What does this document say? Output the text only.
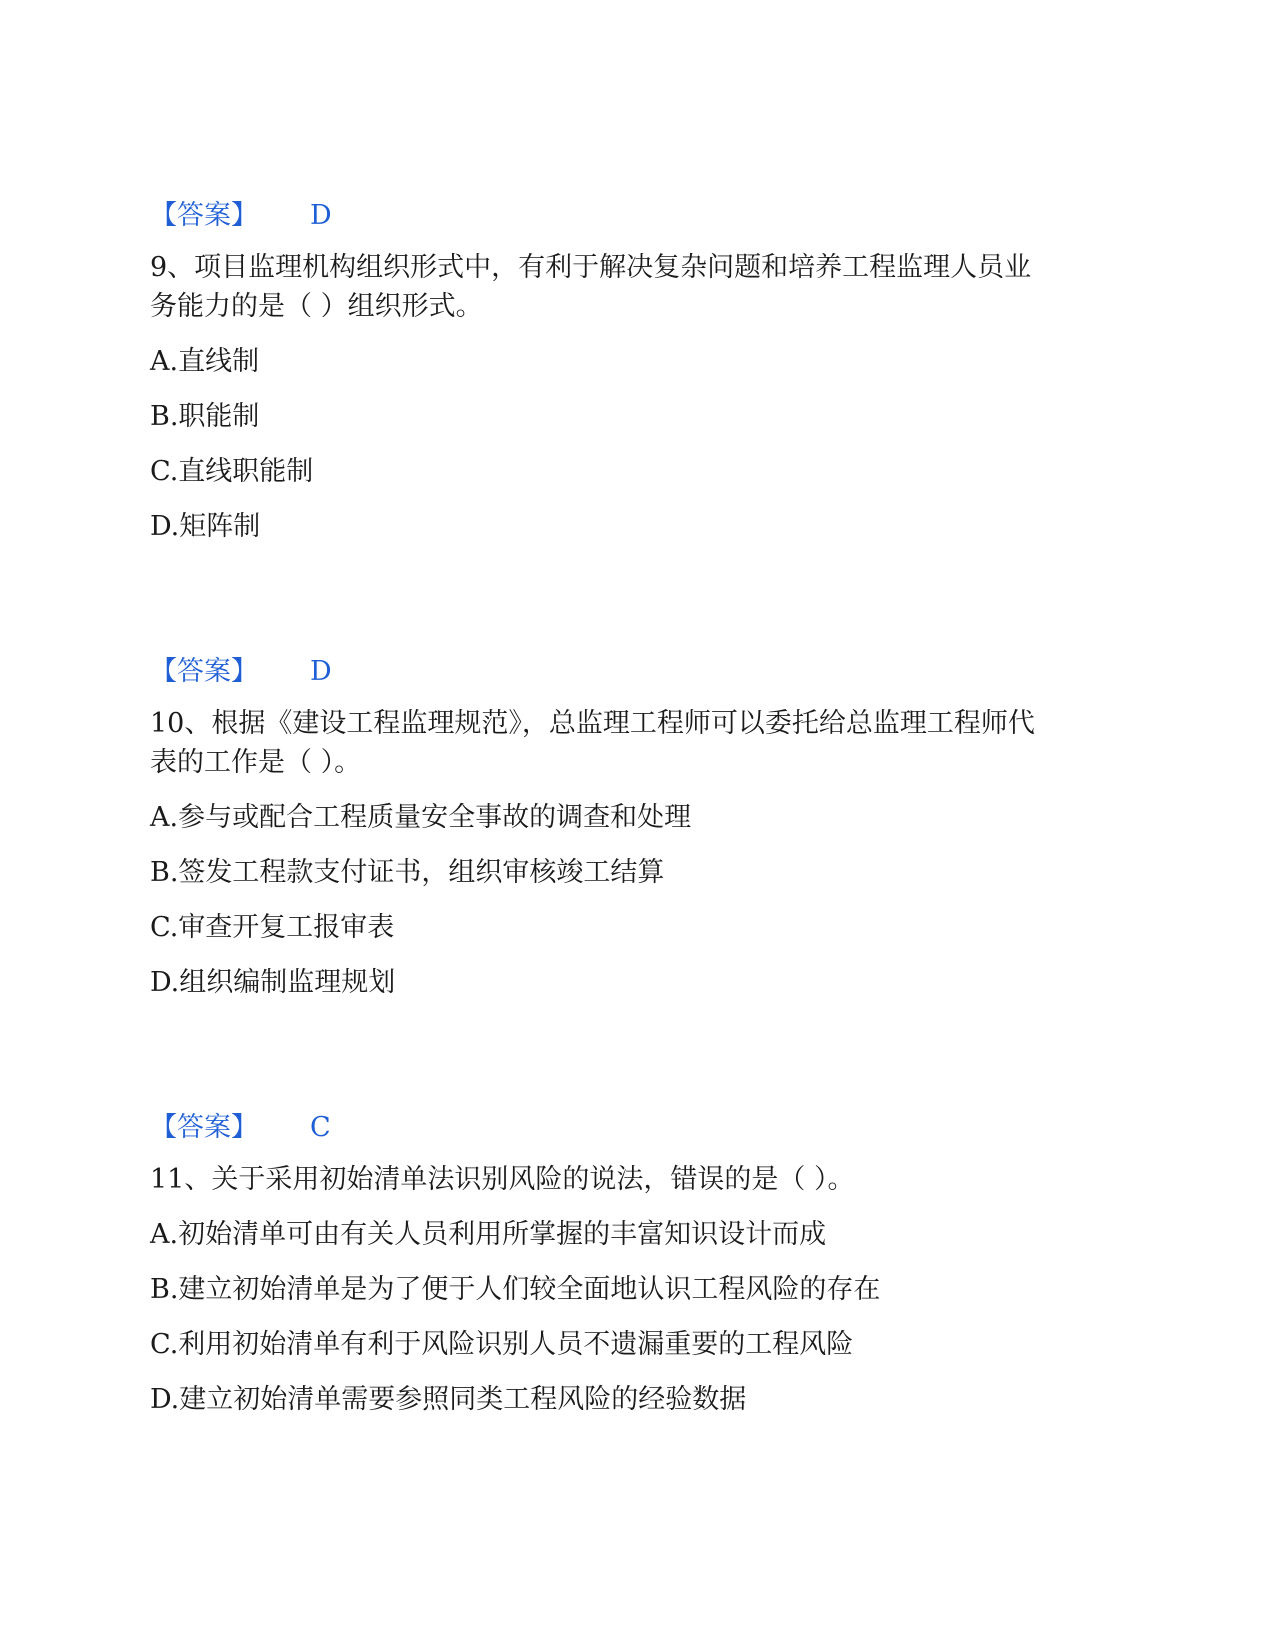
【答案】 D
9、项目监理机构组织形式中，有利于解决复杂问题和培养工程监理人员业
务能力的是（ ）组织形式。
A.直线制
B.职能制
C.直线职能制
D.矩阵制
【答案】 D
10、根据《建设工程监理规范》，总监理工程师可以委托给总监理工程师代
表的工作是（ ）。
A.参与或配合工程质量安全事故的调查和处理
B.签发工程款支付证书，组织审核竣工结算
C.审查开复工报审表
D.组织编制监理规划
【答案】 C
11、关于采用初始清单法识别风险的说法，错误的是（ ）。
A.初始清单可由有关人员利用所掌握的丰富知识设计而成
B.建立初始清单是为了便于人们较全面地认识工程风险的存在
C.利用初始清单有利于风险识别人员不遗漏重要的工程风险
D.建立初始清单需要参照同类工程风险的经验数据
